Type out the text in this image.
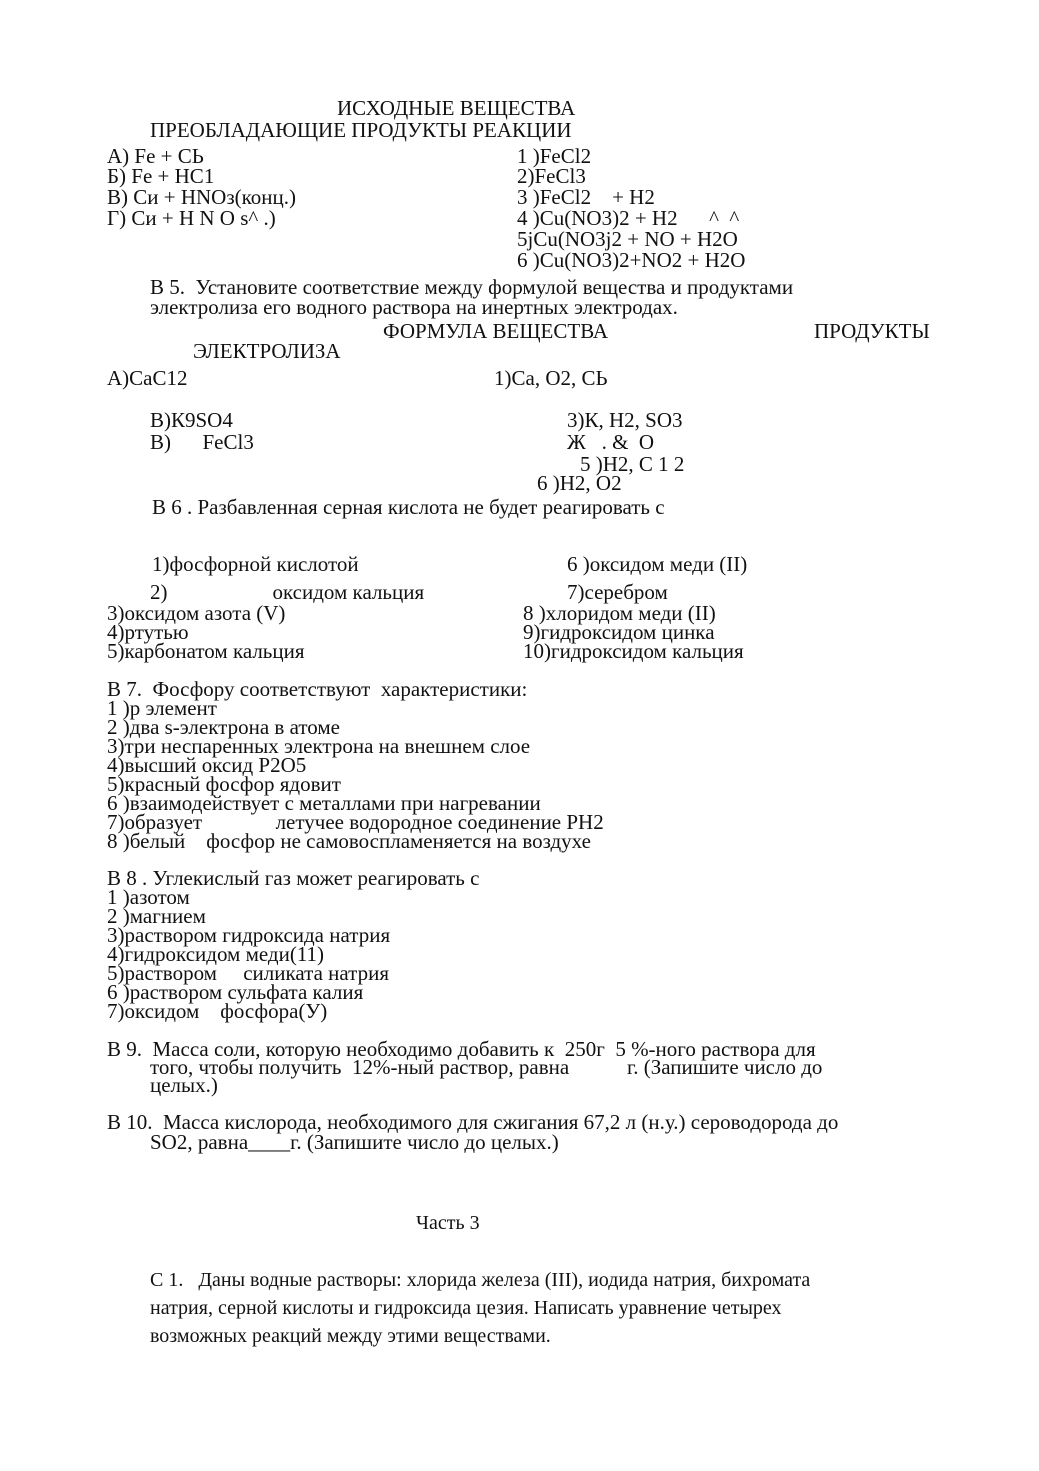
ИСХОДНЫЕ ВЕЩЕСТВА
ПРЕОБЛАДАЮЩИЕ ПРОДУКТЫ РЕАКЦИИ
А) Fe + СЬ
Б) Fe + НС1
В) Си + HNOз(конц.)
Г) Си + H N O s^ .)
1 )FeCl2
2)FeCl3
3 )FeCl2    + H2
4 )Cu(NO3)2 + H2      ^  ^
5jCu(NO3j2 + NO + H2O
6 )Cu(NO3)2+NO2 + H2O
В 5.  Установите соответствие между формулой вещества и продуктами
электролиза его водного раствора на инертных электродах.
ФОРМУЛА ВЕЩЕСТВА	ПРОДУКТЫ
ЭЛЕКТРОЛИЗА
А)СаС12
В)К9SO4
В)      FeCl3
1)Са, О2, СЬ
3)К, Н2, SO3
Ж   . &  О
5 )H2, C 1 2
6 )Н2, О2
В 6 . Разбавленная серная кислота не будет реагировать с
1)фосфорной кислотой
2)                    оксидом кальция
3)оксидом азота (V)
4)ртутью
5)карбонатом кальция
6 )оксидом меди (II)
7)серебром
8 )хлоридом меди (II)
9)гидроксидом цинка
10)гидроксидом кальция
В 7.  Фосфору соответствуют  характеристики:
1 )р элемент
2 )два s-электрона в атоме
3)три неспаренных электрона на внешнем слое
4)высший оксид Р2О5
5)красный фосфор ядовит
6 )взаимодействует с металлами при нагревании
7)образует              летучее водородное соединение РН2
8 )белый    фосфор не самовоспламеняется на воздухе
В 8 . Углекислый газ может реагировать с
1 )азотом
2 )магнием
3)раствором гидроксида натрия
4)гидроксидом меди(11)
5)раствором     силиката натрия
6 )раствором сульфата калия
7)оксидом    фосфора(У)
В 9.  Масса соли, которую необходимо добавить к  250г  5 %-ного раствора для
того, чтобы получить  12%-ный раствор, равна           г. (Запишите число до
целых.)
В 10.  Масса кислорода, необходимого для сжигания 67,2 л (н.у.) сероводорода до
SO2, равна____г. (Запишите число до целых.)
Часть 3
С 1.   Даны водные растворы: хлорида железа (III), иодида натрия, бихромата
натрия, серной кислоты и гидроксида цезия. Написать уравнение четырех
возможных реакций между этими веществами.
